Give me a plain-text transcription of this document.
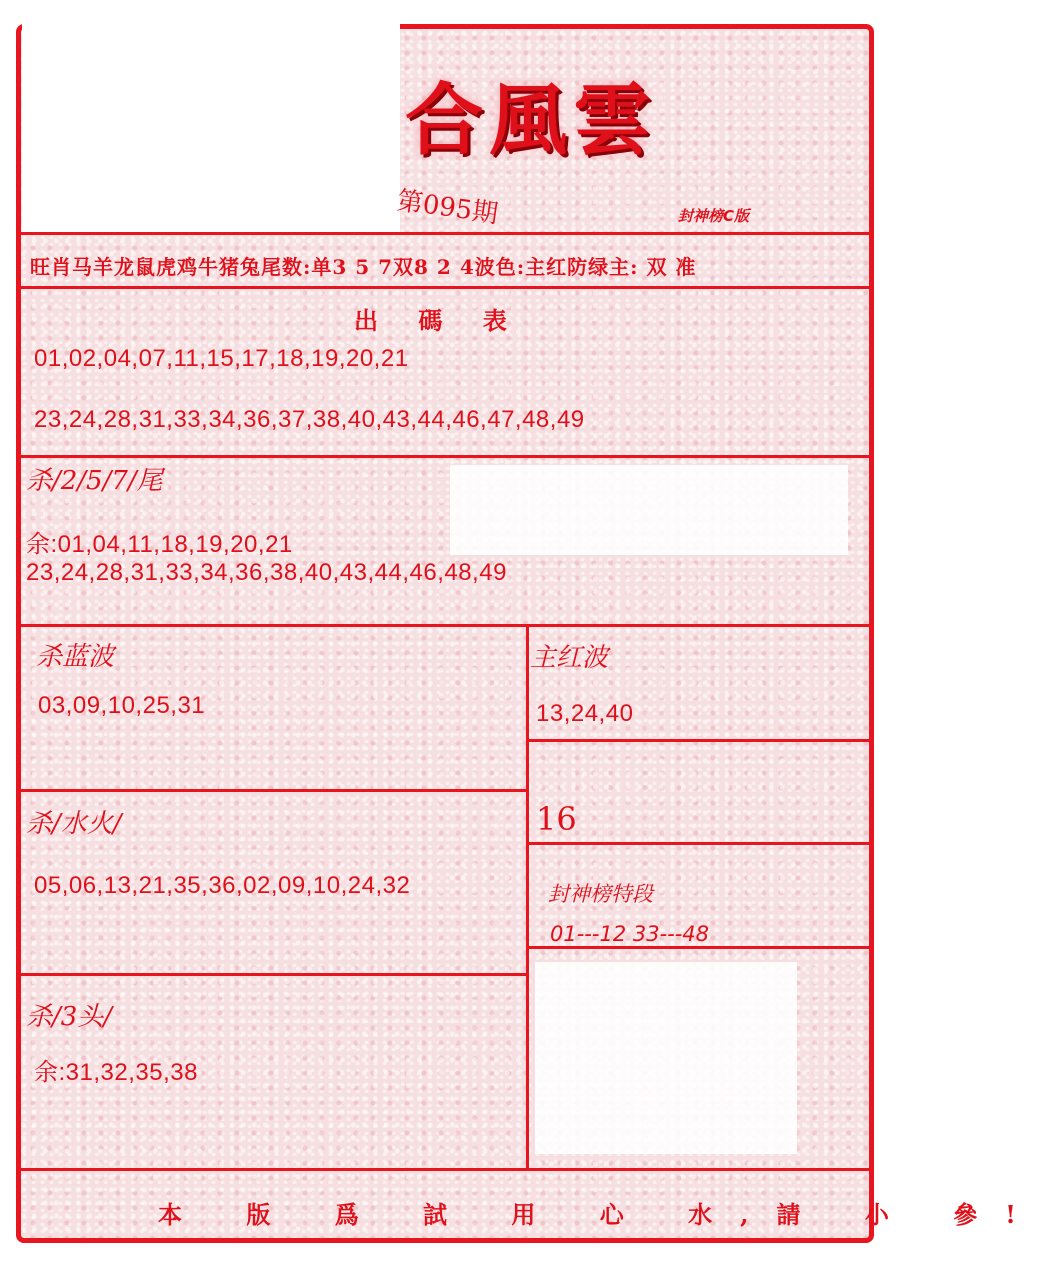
合風雲
第095期	封神榜C版
旺肖马羊龙鼠虎鸡牛猪兔尾数:单3 5 7双8 2 4波色:主红防绿主: 双 准
出 碼 表
01,02,04,07,11,15,17,18,19,20,21
23,24,28,31,33,34,36,37,38,40,43,44,46,47,48,49
杀/2/5/7/尾
余:01,04,11,18,19,20,21
23,24,28,31,33,34,36,38,40,43,44,46,48,49
杀蓝波
03,09,10,25,31
杀/水火/
05,06,13,21,35,36,02,09,10,24,32
杀/3头/
余:31,32,35,38
主红波
13,24,40
16
封神榜特段
01---12 33---48
本 版 爲 試 用 心 水,請 小 參!
